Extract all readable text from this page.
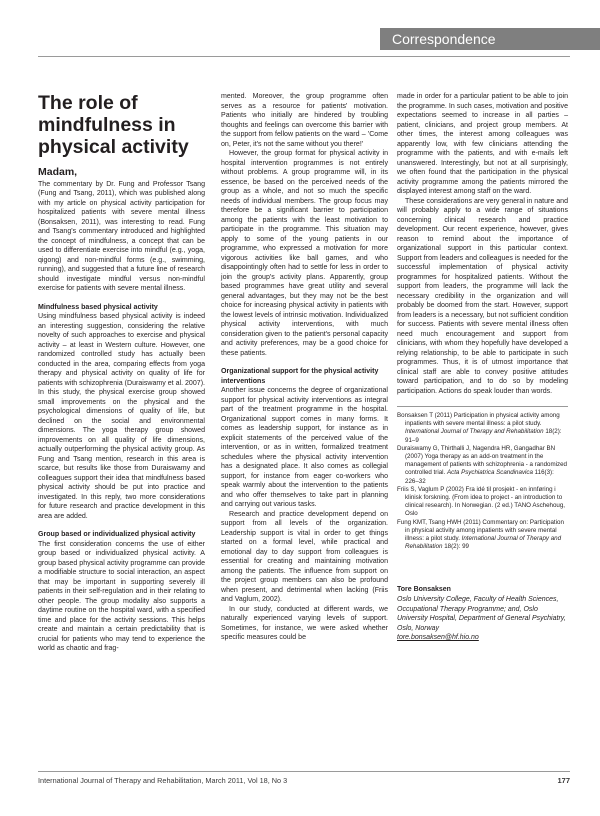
Correspondence
The role of mindfulness in physical activity
Madam,

The commentary by Dr. Fung and Professor Tsang (Fung and Tsang, 2011), which was published along with my article on physical activity participation for hospitalized patients with severe mental illness (Bonsaksen, 2011), was interesting to read. Fung and Tsang's commentary introduced and highlighted the concept of mindfulness, a concept that can be used to differentiate exercise into mindful (e.g., yoga, qigong) and non-mindful forms (e.g., swimming, running), and suggested that a future line of research should investigate mindful versus non-mindful exercise for patients with severe mental illness.

Mindfulness based physical activity

Using mindfulness based physical activity is indeed an interesting suggestion, considering the relative novelty of such approaches to exercise and physical activity – at least in Western culture. However, one randomized controlled study has actually been conducted in the area, comparing effects from yoga therapy and physical activity on quality of life for patients with schizophrenia (Duraiswamy et al. 2007). In this study, the physical exercise group showed small improvements on the physical and the psychological dimensions of quality of life, but declined on the social and environmental dimensions. The yoga therapy group showed improvements on all quality of life dimensions, actually outperforming the physical activity group. As Fung and Tsang mention, research in this area is scarce, but results like those from Duraiswamy and colleagues support their idea that mindfulness based physical activity should be put into practice and investigated. In this reply, two more considerations for future research and practice development in this area are added.

Group based or individualized physical activity

The first consideration concerns the use of either group based or individualized physical activity. A group based physical activity programme can provide a modifiable structure to social interaction, an aspect that may be important in supporting severely ill patients in their self-regulation and in their relating to other people. The group modality also supports a daytime routine on the hospital ward, with a specified time and place for the activity sessions. This helps create and maintain a certain predictability that is crucial for patients who may tend to experience the world as chaotic and frag-

mented. Moreover, the group programme often serves as a resource for patients' motivation. Patients who initially are hindered by troubling thoughts and feelings can overcome this barrier with the support from fellow patients on the ward – 'Come on, Peter, it's not the same without you there!'

However, the group format for physical activity in hospital intervention programmes is not entirely without problems. A group programme will, in its essence, be based on the perceived needs of the group as a whole, and not so much the specific needs of individual members. The group focus may therefore be a significant barrier to participation among the patients with the least motivation to participate in the programme. This situation may apply to some of the young patients in our programme, who expressed a motivation for more vigorous activities like ball games, and who disappointingly often had to settle for less in order to join the group's activity plans. Apparently, group based programmes have great utility and several general advantages, but they may not be the best choice for increasing physical activity in patients with the lowest levels of intrinsic motivation. Individualized physical activity interventions, with much consideration given to the patient's personal capacity and activity preferences, may be a good choice for these patients.

Organizational support for the physical activity interventions

Another issue concerns the degree of organizational support for physical activity interventions as integral part of the treatment programme in the hospital. Organizational support comes in many forms. It comes as leadership support, for instance as in explicit statements of the perceived value of the intervention, or as in written, formalized treatment schedules where the physical activity intervention has a designated place. It also comes as collegial support, for instance from eager co-workers who speak warmly about the intervention to the patients and who offer themselves to take part in planning and carrying out various tasks.

Research and practice development depend on support from all levels of the organization. Leadership support is vital in order to get things started on a formal level, while practical and emotional day to day support from colleagues is essential for creating and maintaining motivation among the patients. The influence from support on the project group members can also be profound when present, and detrimental when lacking (Friis and Vaglum, 2002).

In our study, conducted at different wards, we naturally experienced varying levels of support. Sometimes, for instance, we were asked whether specific measures could be

made in order for a particular patient to be able to join the programme. In such cases, motivation and positive expectations seemed to increase in all parties – patient, clinicians, and project group members. At other times, the interest among colleagues was apparently low, with few clinicians attending the programme with the patients, and with e-mails left unanswered. Interestingly, but not at all surprisingly, we often found that the participation in the physical activity programme among the patients mirrored the displayed interest among staff on the ward.

These considerations are very general in nature and will probably apply to a wide range of situations concerning clinical research and practice development. Our recent experience, however, gives reason to remind about the importance of organizational support in this particular context. Support from leaders and colleagues is needed for the successful implementation of physical activity programmes for hospitalized patients. Without the support from leaders, the programme will lack the necessary credibility in the organization and will probably be doomed from the start. However, support from leaders is a necessary, but not sufficient condition for success. Patients with severe mental illness often need much encouragement and support from clinicians, with whom they hopefully have developed a relying relationship, to be able to participate in such programmes. Thus, it is of utmost importance that clinical staff are able to convey positive attitudes toward participation, and to do so by modeling participation. Actions do speak louder than words.

Bonsaksen T (2011) Participation in physical activity among inpatients with severe mental illness: a pilot study. International Journal of Therapy and Rehabilitation 18(2): 91–9

Duraiswamy G, Thirthalli J, Nagendra HR, Gangadhar BN (2007) Yoga therapy as an add-on treatment in the management of patients with schizophrenia - a randomized controlled trial. Acta Psychiatrica Scandinavica 116(3): 226–32

Friis S, Vaglum P (2002) Fra idé til prosjekt - en innføring i klinisk forskning. (From idea to project - an introduction to clinical research). In Norwegian. (2 ed.) TANO Aschehoug, Oslo

Fung KMT, Tsang HWH (2011) Commentary on: Participation in physical activity among inpatients with severe mental illness: a pilot study. International Journal of Therapy and Rehabilitation 18(2): 99

Tore Bonsaksen
Oslo University College, Faculty of Health Sciences, Occupational Therapy Programme; and, Oslo University Hospital, Department of General Psychiatry,
Oslo, Norway
tore.bonsaksen@hf.hio.no
International Journal of Therapy and Rehabilitation, March 2011, Vol 18, No 3	177
